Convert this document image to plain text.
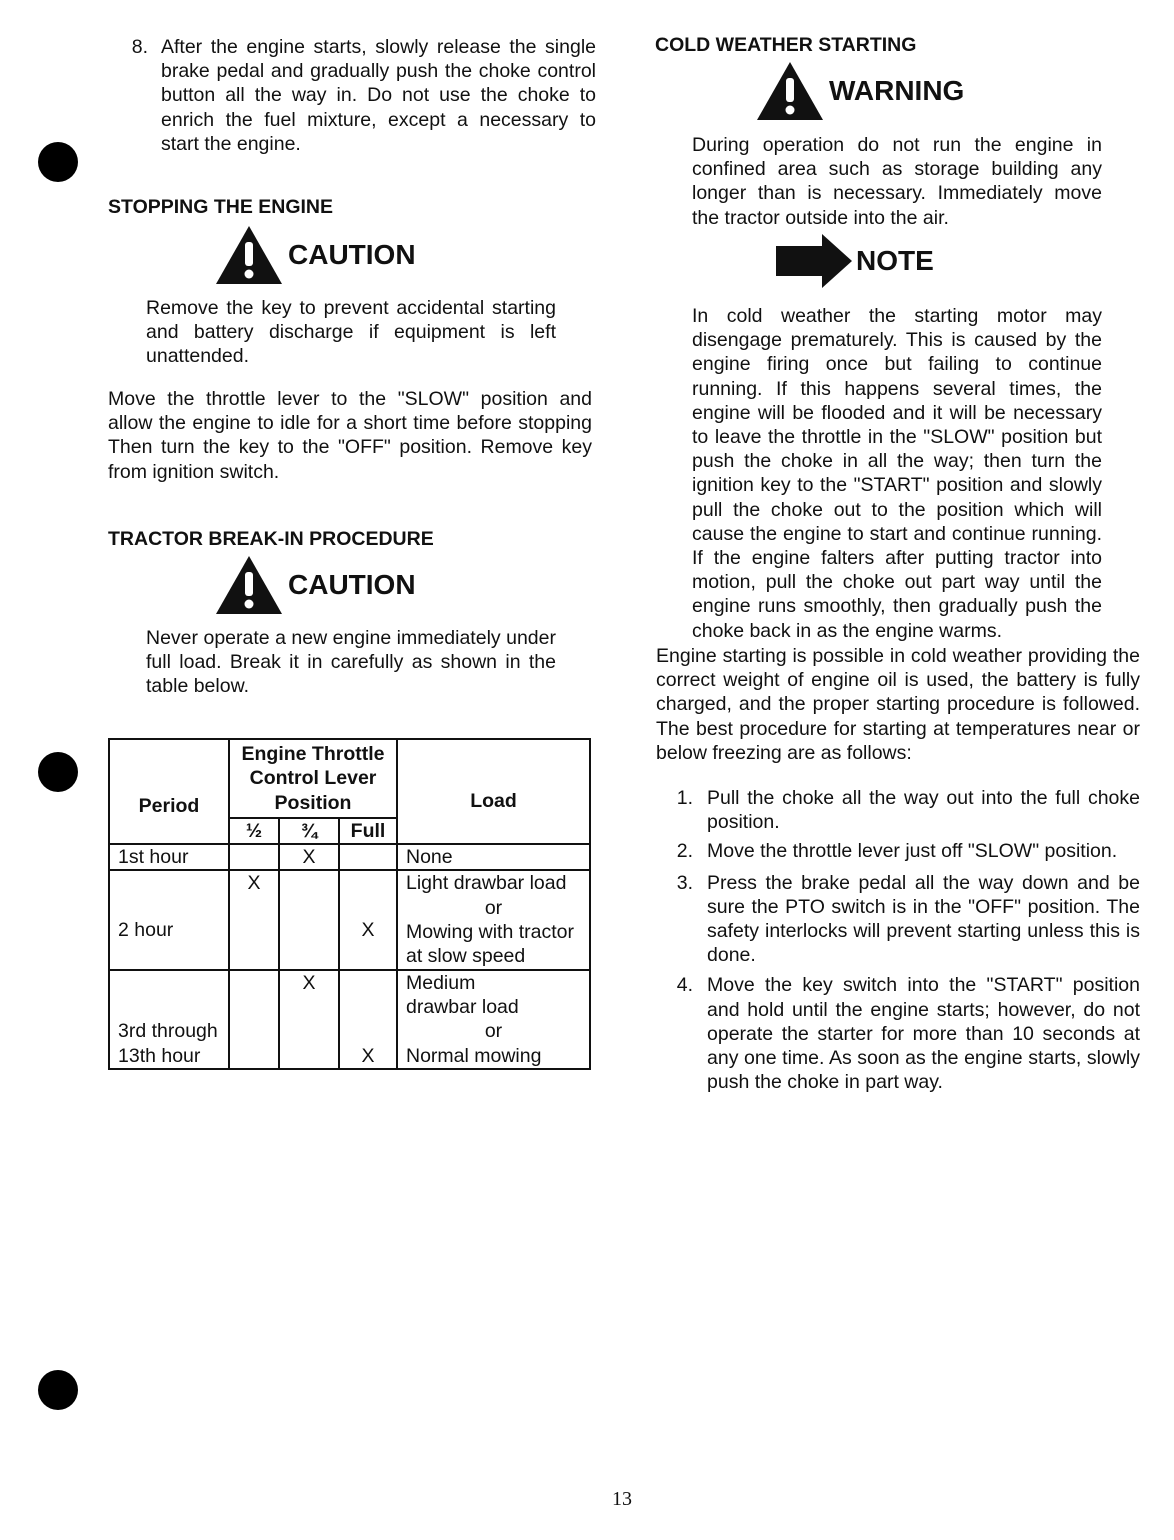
8. After the engine starts, slowly release the single brake pedal and gradually push the choke control button all the way in. Do not use the choke to enrich the fuel mixture, except a necessary to start the engine.
STOPPING THE ENGINE
CAUTION
Remove the key to prevent accidental starting and battery discharge if equipment is left unattended.
Move the throttle lever to the "SLOW" position and allow the engine to idle for a short time before stopping Then turn the key to the "OFF" position. Remove key from ignition switch.
TRACTOR BREAK-IN PROCEDURE
CAUTION
Never operate a new engine immediately under full load. Break it in carefully as shown in the table below.
Period	Engine Throttle Control Lever Position			Load
	½	¾	Full	
1st hour		X		None
2 hour	X		X	Light drawbar load
or
Mowing with tractor at slow speed

3rd through 13th hour		X	X	Medium drawbar load
or
Normal mowing
COLD WEATHER STARTING
WARNING
During operation do not run the engine in confined area such as storage building any longer than is necessary. Immediately move the tractor outside into the air.
NOTE
In cold weather the starting motor may disengage prematurely. This is caused by the engine firing once but failing to continue running. If this happens several times, the engine will be flooded and it will be necessary to leave the throttle in the "SLOW" position but push the choke in all the way; then turn the ignition key to the "START" position and slowly pull the choke out to the position which will cause the engine to start and continue running. If the engine falters after putting tractor into motion, pull the choke out part way until the engine runs smoothly, then gradually push the choke back in as the engine warms.
Engine starting is possible in cold weather providing the correct weight of engine oil is used, the battery is fully charged, and the proper starting procedure is followed. The best procedure for starting at temperatures near or below freezing are as follows:
1. Pull the choke all the way out into the full choke position.
2. Move the throttle lever just off "SLOW" position.
3. Press the brake pedal all the way down and be sure the PTO switch is in the "OFF" position. The safety interlocks will prevent starting unless this is done.
4. Move the key switch into the "START" position and hold until the engine starts; however, do not operate the starter for more than 10 seconds at any one time. As soon as the engine starts, slowly push the choke in part way.
13
